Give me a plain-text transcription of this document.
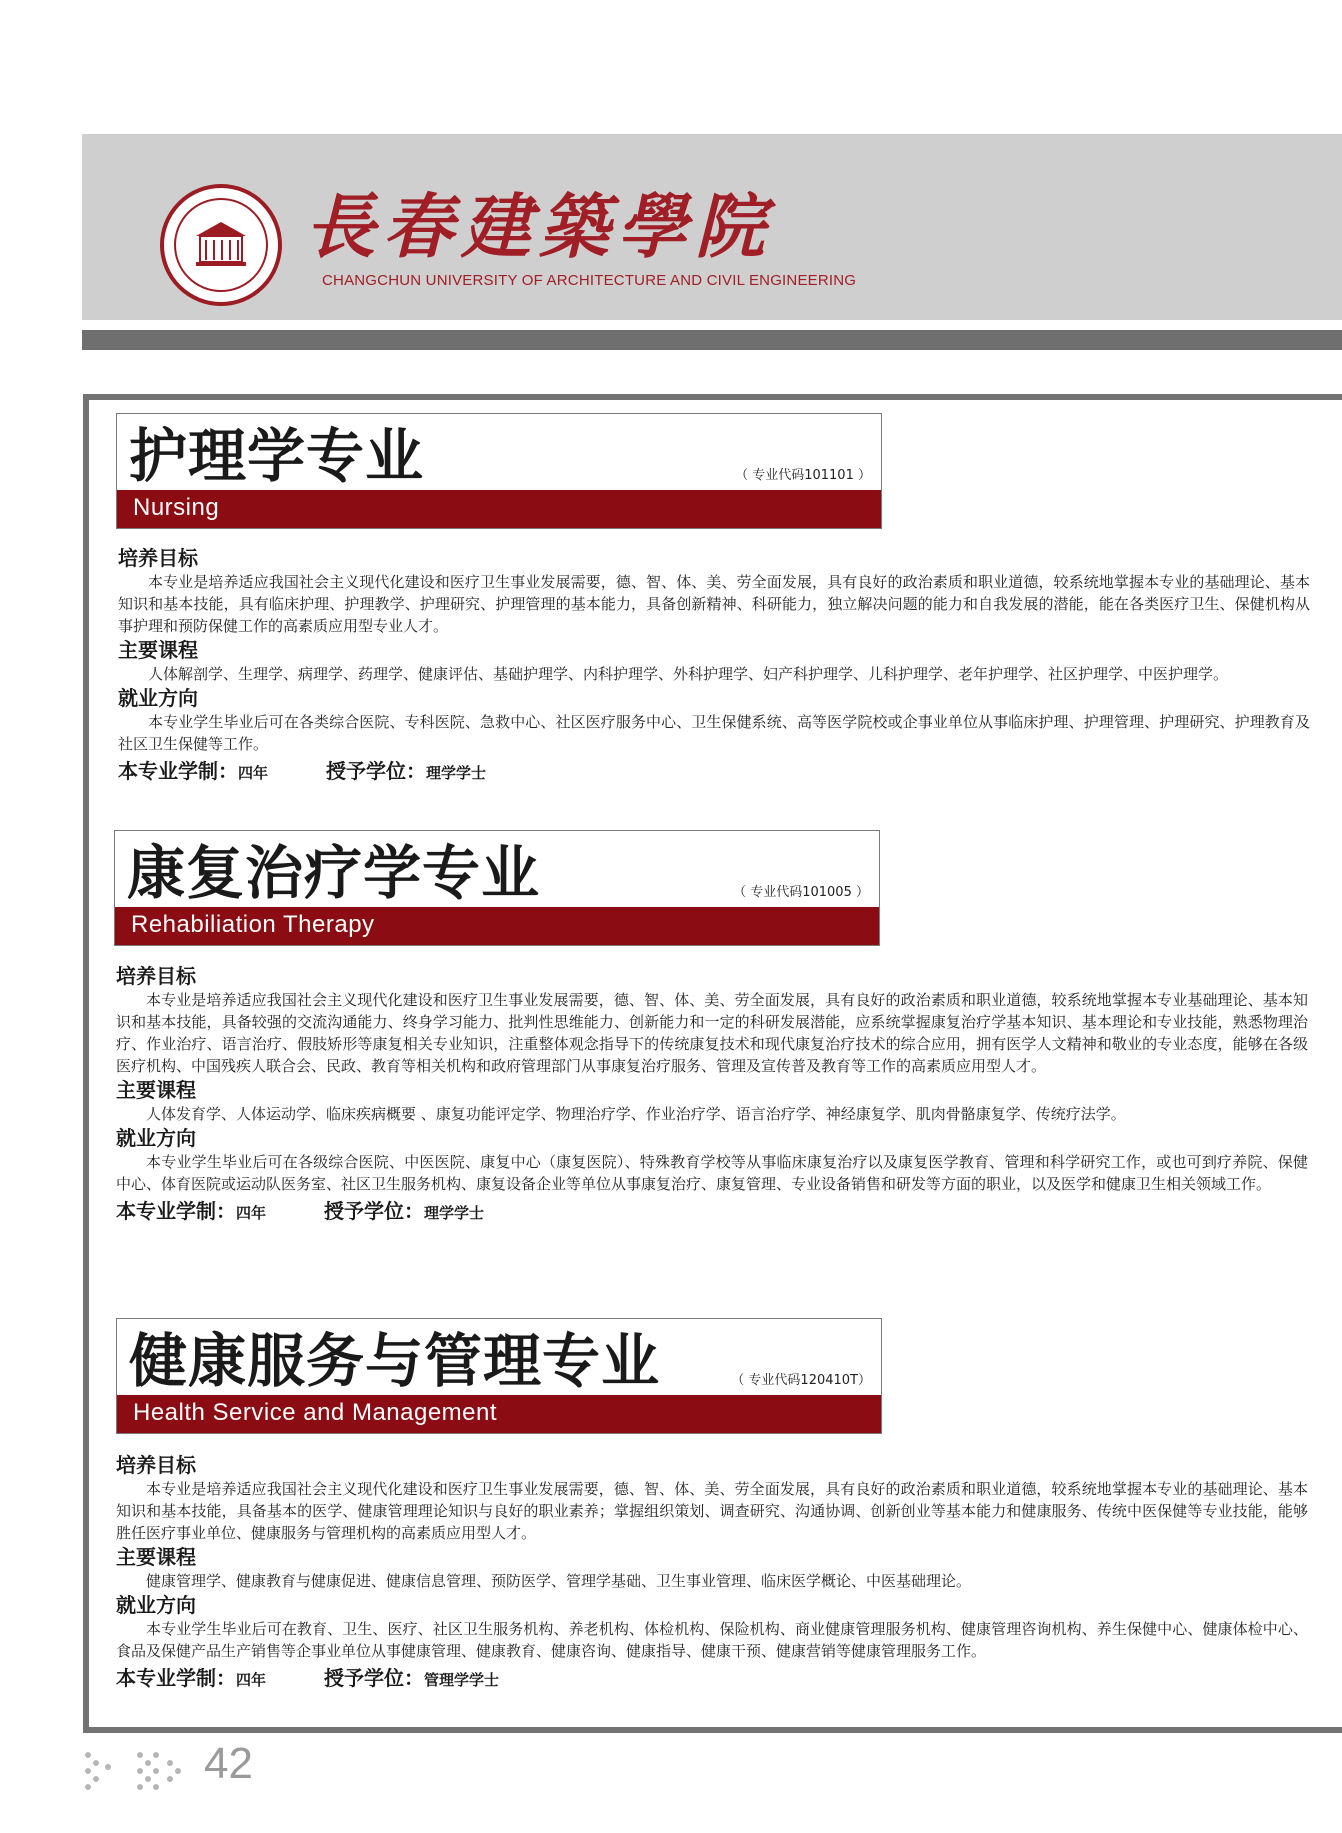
長春建築學院
CHANGCHUN UNIVERSITY OF ARCHITECTURE AND CIVIL ENGINEERING
护理学专业	（ 专业代码101101 ）
Nursing
培养目标

本专业是培养适应我国社会主义现代化建设和医疗卫生事业发展需要，德、智、体、美、劳全面发展，具有良好的政治素质和职业道德，较系统地掌握本专业的基础理论、基本知识和基本技能，具有临床护理、护理教学、护理研究、护理管理的基本能力，具备创新精神、科研能力，独立解决问题的能力和自我发展的潜能，能在各类医疗卫生、保健机构从事护理和预防保健工作的高素质应用型专业人才。

主要课程

人体解剖学、生理学、病理学、药理学、健康评估、基础护理学、内科护理学、外科护理学、妇产科护理学、儿科护理学、老年护理学、社区护理学、中医护理学。

就业方向

本专业学生毕业后可在各类综合医院、专科医院、急救中心、社区医疗服务中心、卫生保健系统、高等医学院校或企事业单位从事临床护理、护理管理、护理研究、护理教育及社区卫生保健等工作。

本专业学制：四年	授予学位：理学学士
康复治疗学专业	（ 专业代码101005 ）
Rehabiliation Therapy
培养目标

本专业是培养适应我国社会主义现代化建设和医疗卫生事业发展需要，德、智、体、美、劳全面发展，具有良好的政治素质和职业道德，较系统地掌握本专业基础理论、基本知识和基本技能，具备较强的交流沟通能力、终身学习能力、批判性思维能力、创新能力和一定的科研发展潜能，应系统掌握康复治疗学基本知识、基本理论和专业技能，熟悉物理治疗、作业治疗、语言治疗、假肢矫形等康复相关专业知识，注重整体观念指导下的传统康复技术和现代康复治疗技术的综合应用，拥有医学人文精神和敬业的专业态度，能够在各级医疗机构、中国残疾人联合会、民政、教育等相关机构和政府管理部门从事康复治疗服务、管理及宣传普及教育等工作的高素质应用型人才。

主要课程

人体发育学、人体运动学、临床疾病概要 、康复功能评定学、物理治疗学、作业治疗学、语言治疗学、神经康复学、肌肉骨骼康复学、传统疗法学。

就业方向

本专业学生毕业后可在各级综合医院、中医医院、康复中心（康复医院）、特殊教育学校等从事临床康复治疗以及康复医学教育、管理和科学研究工作，或也可到疗养院、保健中心、体育医院或运动队医务室、社区卫生服务机构、康复设备企业等单位从事康复治疗、康复管理、专业设备销售和研发等方面的职业，以及医学和健康卫生相关领域工作。

本专业学制：四年	授予学位：理学学士
健康服务与管理专业	（ 专业代码120410T）
Health Service and Management
培养目标

本专业是培养适应我国社会主义现代化建设和医疗卫生事业发展需要，德、智、体、美、劳全面发展，具有良好的政治素质和职业道德，较系统地掌握本专业的基础理论、基本知识和基本技能，具备基本的医学、健康管理理论知识与良好的职业素养；掌握组织策划、调查研究、沟通协调、创新创业等基本能力和健康服务、传统中医保健等专业技能，能够胜任医疗事业单位、健康服务与管理机构的高素质应用型人才。

主要课程

健康管理学、健康教育与健康促进、健康信息管理、预防医学、管理学基础、卫生事业管理、临床医学概论、中医基础理论。

就业方向

本专业学生毕业后可在教育、卫生、医疗、社区卫生服务机构、养老机构、体检机构、保险机构、商业健康管理服务机构、健康管理咨询机构、养生保健中心、健康体检中心、食品及保健产品生产销售等企事业单位从事健康管理、健康教育、健康咨询、健康指导、健康干预、健康营销等健康管理服务工作。

本专业学制：四年	授予学位：管理学学士
42
